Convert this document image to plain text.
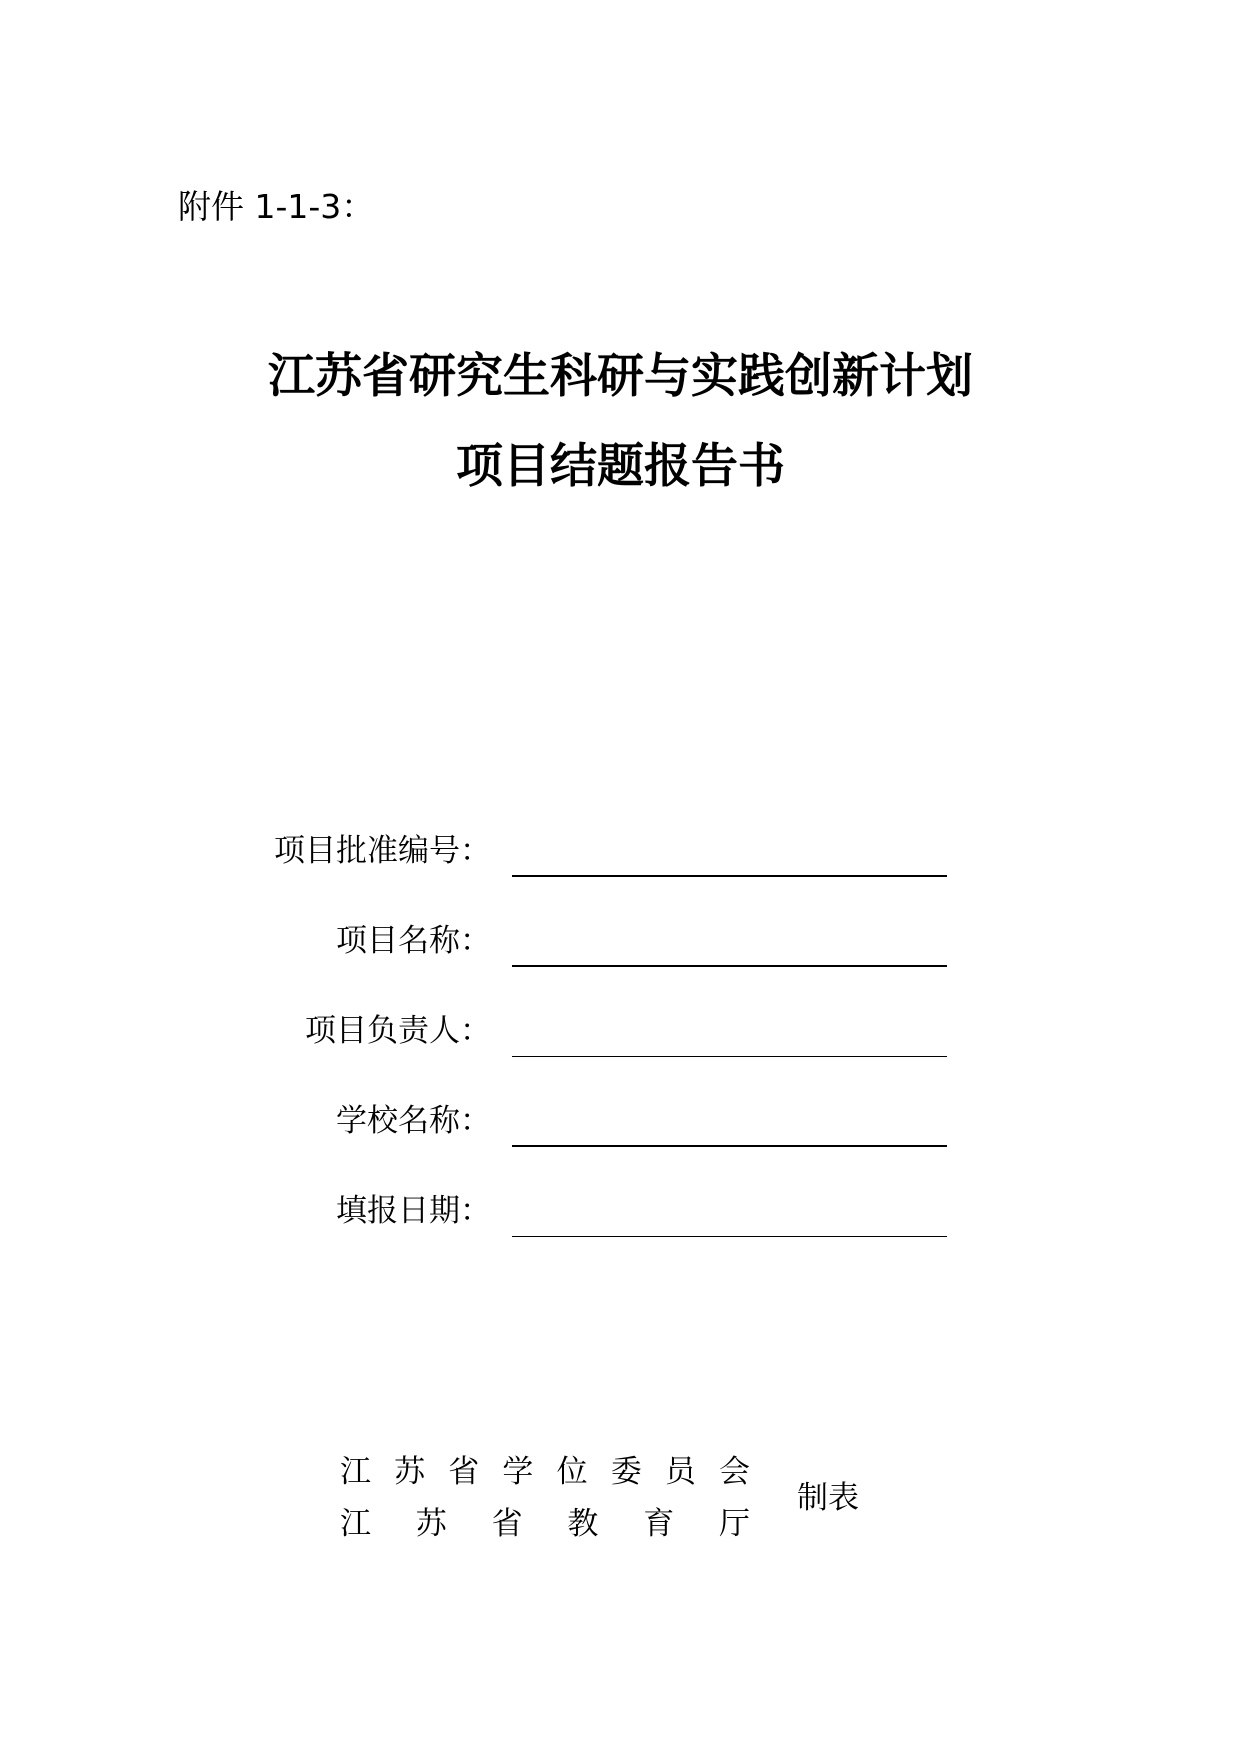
附件 1-1-3：
江苏省研究生科研与实践创新计划
项目结题报告书
项目批准编号：
项目名称：
项目负责人：
学校名称：
填报日期：
江 苏 省 学 位 委 员 会
江 苏 省 教 育 厅
制表
